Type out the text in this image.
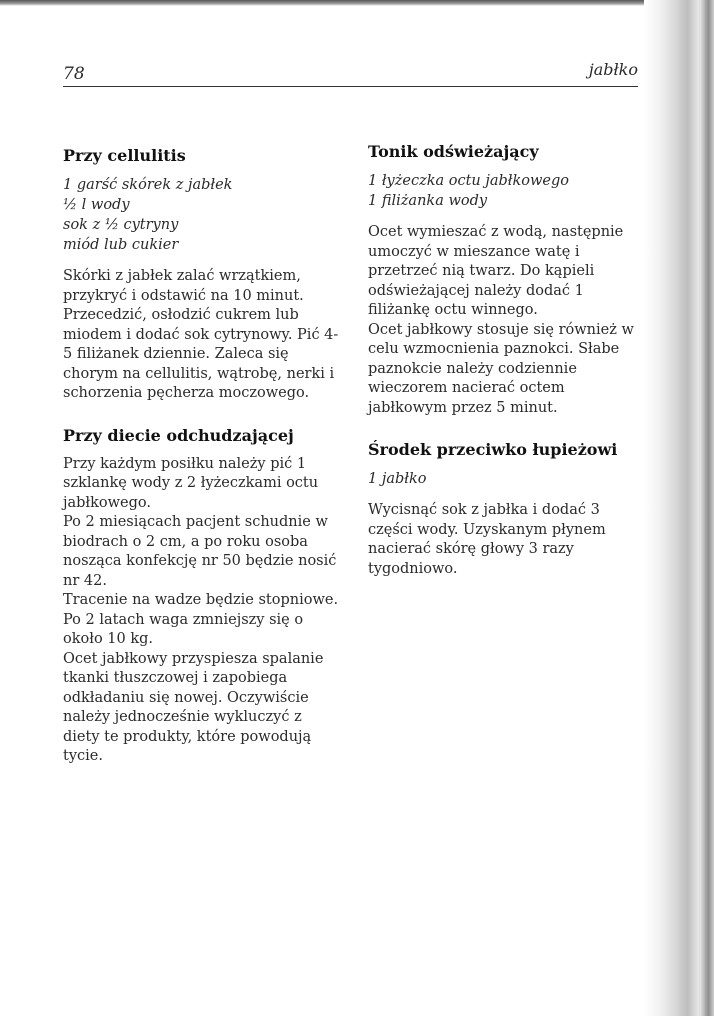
78	jabłko
Przy cellulitis
1 garść skórek z jabłek
½ l wody
sok z ½ cytryny
miód lub cukier

Skórki z jabłek zalać wrzątkiem, przykryć i odstawić na 10 minut.

Przecedzić, osłodzić cukrem lub miodem i dodać sok cytrynowy. Pić 4-5 filiżanek dziennie. Zaleca się chorym na cellulitis, wątrobę, nerki i schorzenia pęcherza moczowego.

Przy diecie odchudzającej

Przy każdym posiłku należy pić 1 szklankę wody z 2 łyżeczkami octu jabłkowego.

Po 2 miesiącach pacjent schudnie w biodrach o 2 cm, a po roku osoba nosząca konfekcję nr 50 będzie nosić nr 42.

Tracenie na wadze będzie stopniowe. Po 2 latach waga zmniejszy się o około 10 kg.

Ocet jabłkowy przyspiesza spalanie tkanki tłuszczowej i zapobiega odkładaniu się nowej. Oczywiście należy jednocześnie wykluczyć z diety te produkty, które powodują tycie.

Tonik odświeżający
1 łyżeczka octu jabłkowego
1 filiżanka wody

Ocet wymieszać z wodą, następnie umoczyć w mieszance watę i przetrzeć nią twarz. Do kąpieli odświeżającej należy dodać 1 filiżankę octu winnego.

Ocet jabłkowy stosuje się również w celu wzmocnienia paznokci. Słabe paznokcie należy codziennie wieczorem nacierać octem jabłkowym przez 5 minut.

Środek przeciwko łupieżowi
1 jabłko

Wycisnąć sok z jabłka i dodać 3 części wody. Uzyskanym płynem nacierać skórę głowy 3 razy tygodniowo.
